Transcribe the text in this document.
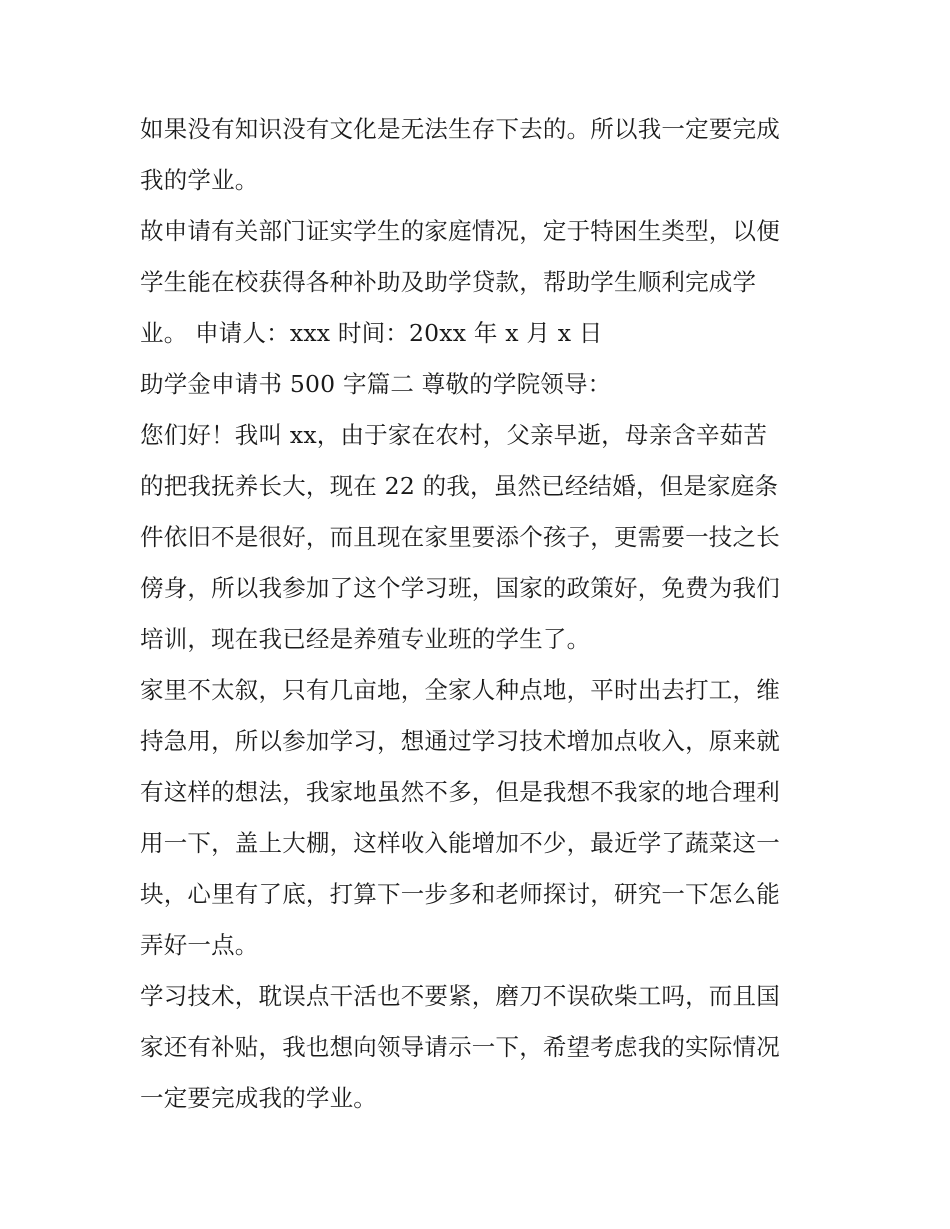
如果没有知识没有文化是无法生存下去的。所以我一定要完成
我的学业。
故申请有关部门证实学生的家庭情况，定于特困生类型，以便
学生能在校获得各种补助及助学贷款，帮助学生顺利完成学
业。 申请人：xxx 时间：20xx 年 x 月 x 日
助学金申请书 500 字篇二 尊敬的学院领导：
您们好！我叫 xx，由于家在农村，父亲早逝，母亲含辛茹苦
的把我抚养长大，现在 22 的我，虽然已经结婚，但是家庭条
件依旧不是很好，而且现在家里要添个孩子，更需要一技之长
傍身，所以我参加了这个学习班，国家的政策好，免费为我们
培训，现在我已经是养殖专业班的学生了。
家里不太叙，只有几亩地，全家人种点地，平时出去打工，维
持急用，所以参加学习，想通过学习技术增加点收入，原来就
有这样的想法，我家地虽然不多，但是我想不我家的地合理利
用一下，盖上大棚，这样收入能增加不少，最近学了蔬菜这一
块，心里有了底，打算下一步多和老师探讨，研究一下怎么能
弄好一点。
学习技术，耽误点干活也不要紧，磨刀不误砍柴工吗，而且国
家还有补贴，我也想向领导请示一下，希望考虑我的实际情况
一定要完成我的学业。
